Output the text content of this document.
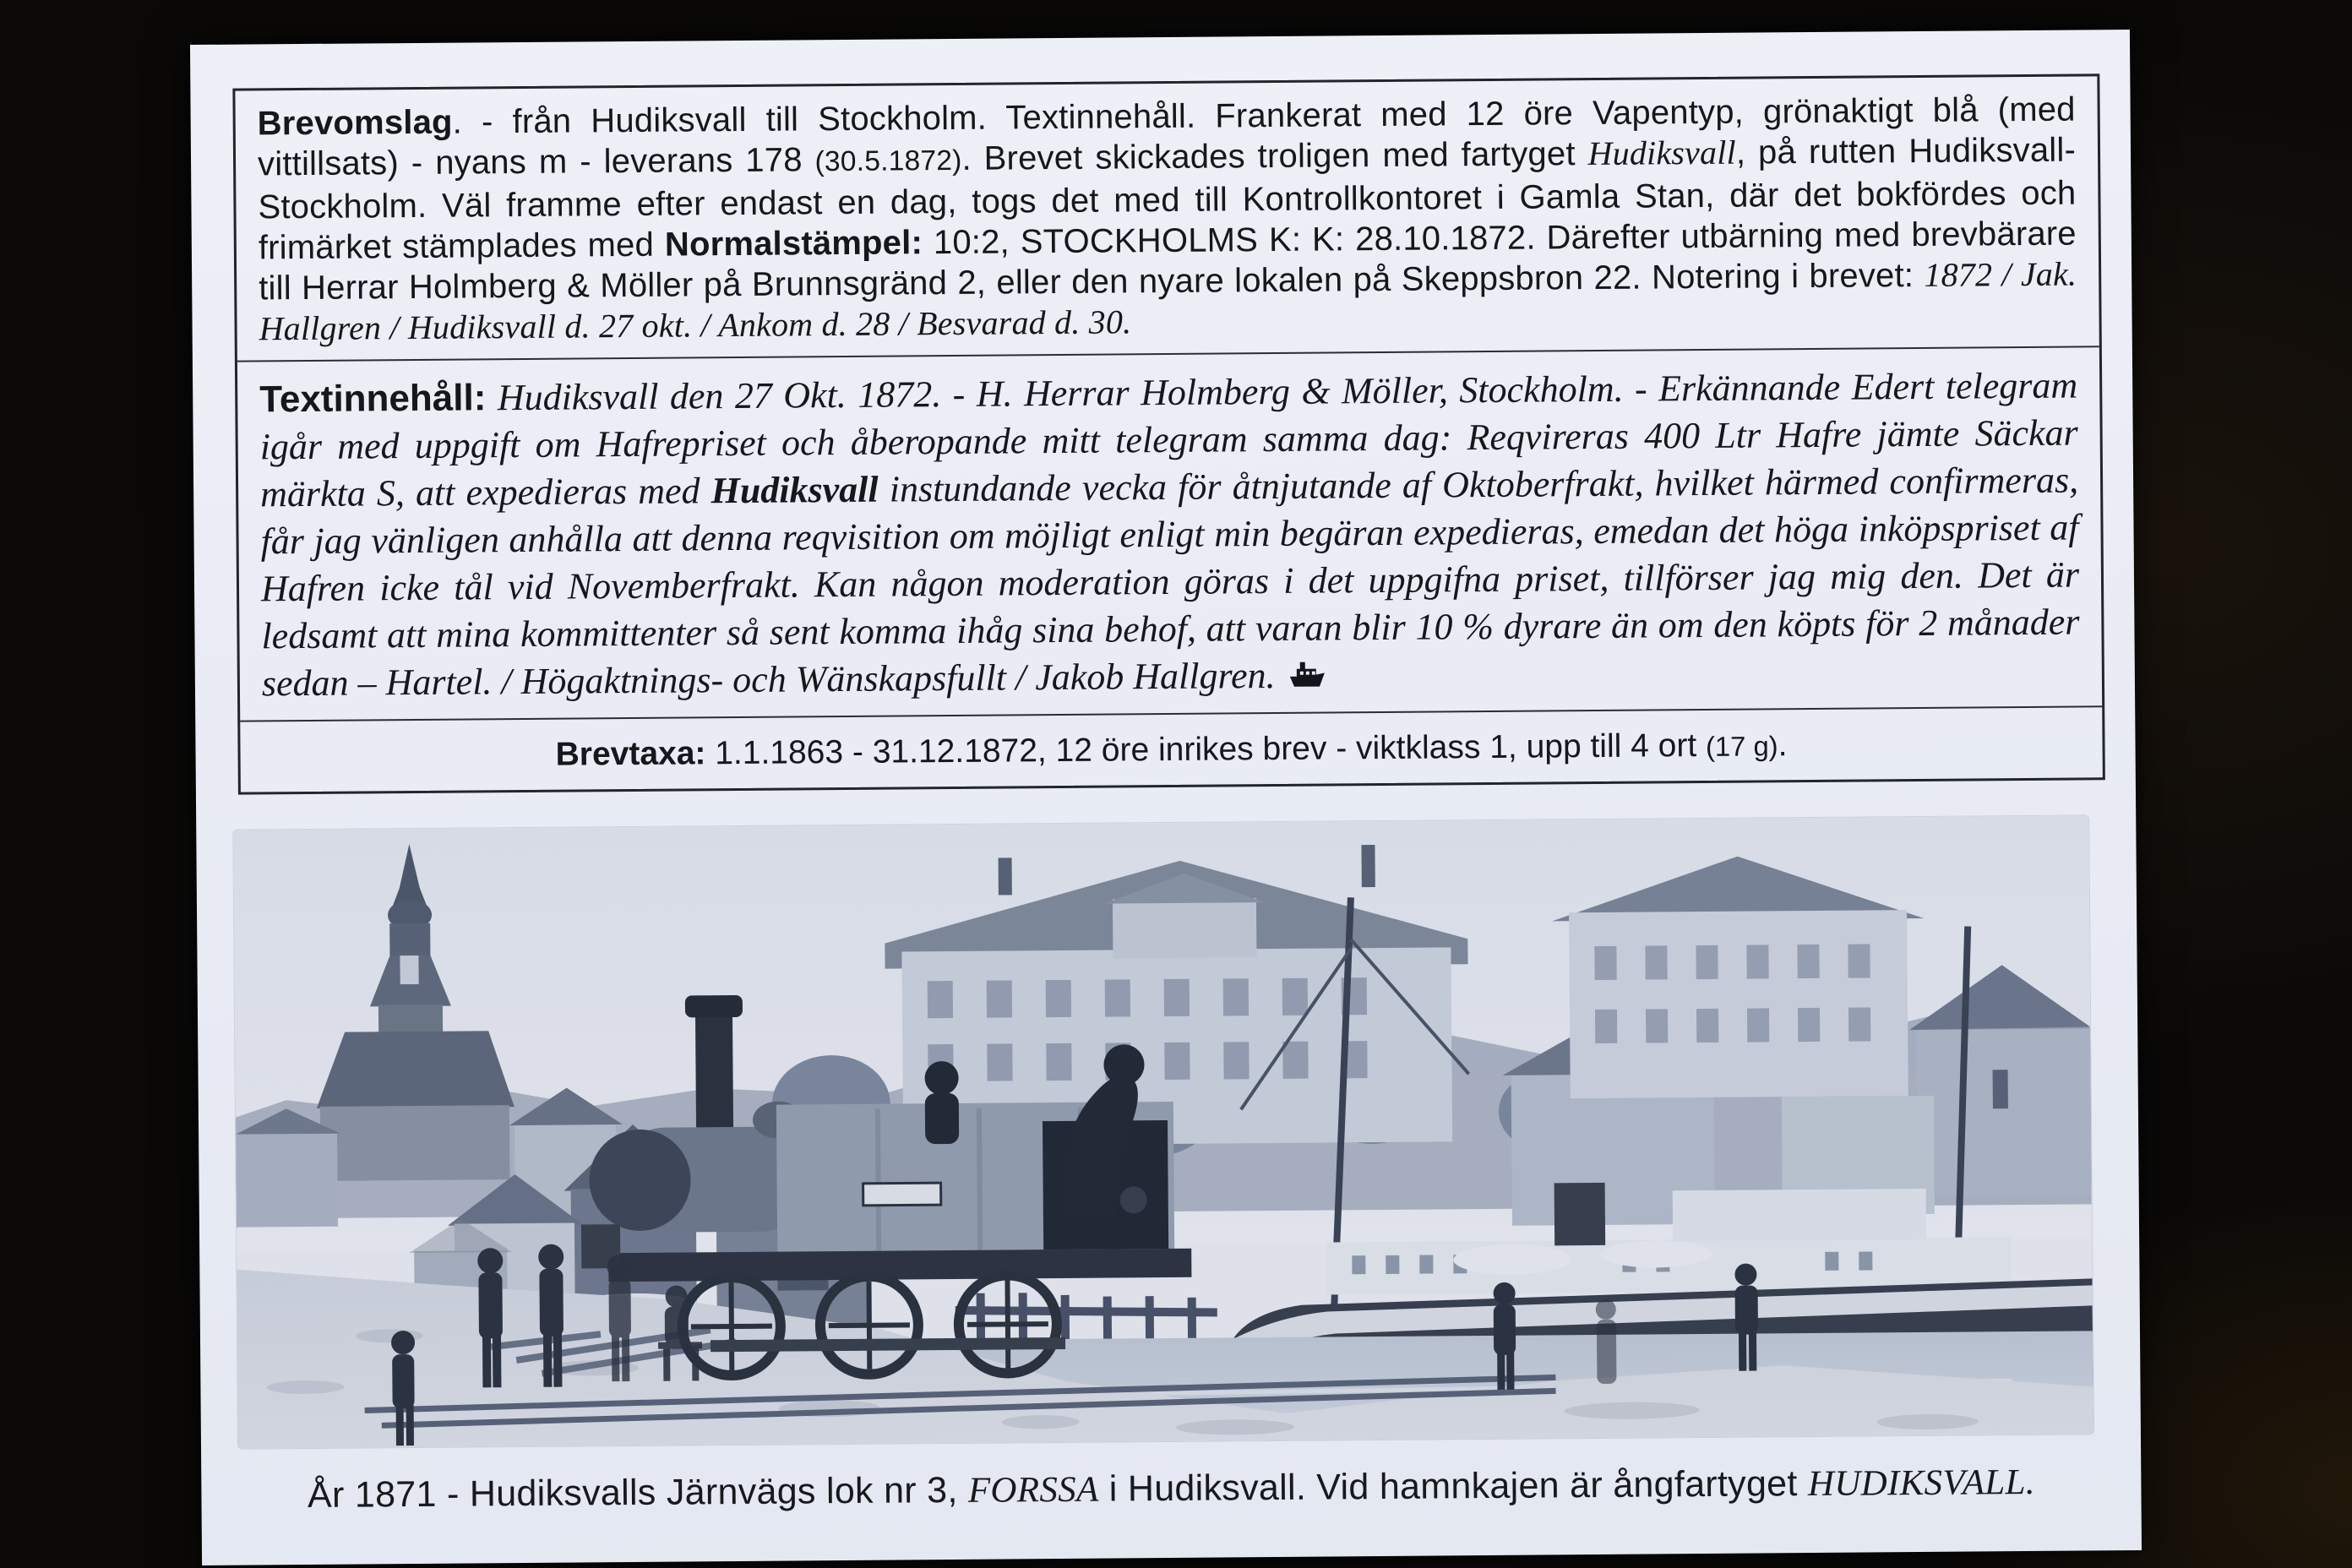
Brevomslag. - från Hudiksvall till Stockholm. Textinnehåll. Frankerat med 12 öre Vapentyp, grönaktigt blå (med vittillsats) - nyans m - leverans 178 (30.5.1872). Brevet skickades troligen med fartyget Hudiksvall, på rutten Hudiksvall-Stockholm. Väl framme efter endast en dag, togs det med till Kontrollkontoret i Gamla Stan, där det bokfördes och frimärket stämplades med Normalstämpel: 10:2, STOCKHOLMS K: K: 28.10.1872. Därefter utbärning med brevbärare till Herrar Holmberg & Möller på Brunnsgränd 2, eller den nyare lokalen på Skeppsbron 22. Notering i brevet: 1872 / Jak. Hallgren / Hudiksvall d. 27 okt. / Ankom d. 28 / Besvarad d. 30.
Textinnehåll: Hudiksvall den 27 Okt. 1872. - H. Herrar Holmberg & Möller, Stockholm. - Erkännande Edert telegram igår med uppgift om Hafrepriset och åberopande mitt telegram samma dag: Reqvireras 400 Ltr Hafre jämte Säckar märkta S, att expedieras med Hudiksvall instundande vecka för åtnjutande af Oktoberfrakt, hvilket härmed confirmeras, får jag vänligen anhålla att denna reqvisition om möjligt enligt min begäran expedieras, emedan det höga inköpspriset af Hafren icke tål vid Novemberfrakt. Kan någon moderation göras i det uppgifna priset, tillförser jag mig den. Det är ledsamt att mina kommittenter så sent komma ihåg sina behof, att varan blir 10 % dyrare än om den köpts för 2 månader sedan – Hartel. / Högaktnings- och Wänskapsfullt / Jakob Hallgren.
Brevtaxa: 1.1.1863 - 31.12.1872, 12 öre inrikes brev - viktklass 1, upp till 4 ort (17 g).
År 1871 - Hudiksvalls Järnvägs lok nr 3, FORSSA i Hudiksvall. Vid hamnkajen är ångfartyget HUDIKSVALL.
